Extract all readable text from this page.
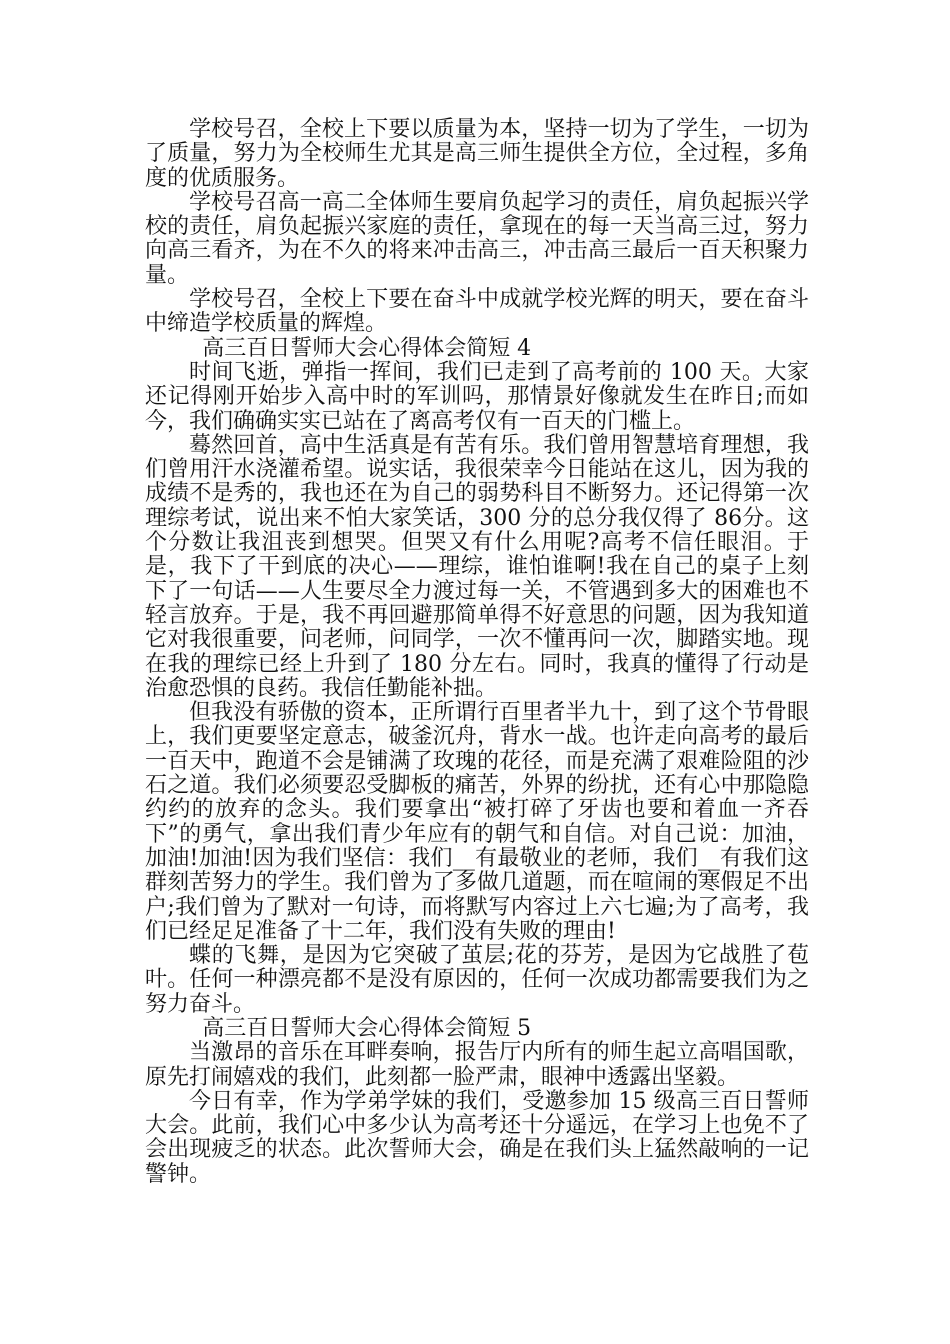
学校号召，全校上下要以质量为本，坚持一切为了学生，一切为了质量，努力为全校师生尤其是高三师生提供全方位，全过程，多角度的优质服务。

学校号召高一高二全体师生要肩负起学习的责任，肩负起振兴学校的责任，肩负起振兴家庭的责任，拿现在的每一天当高三过，努力向高三看齐，为在不久的将来冲击高三，冲击高三最后一百天积聚力量。

学校号召，全校上下要在奋斗中成就学校光辉的明天，要在奋斗中缔造学校质量的辉煌。

高三百日誓师大会心得体会简短 4

时间飞逝，弹指一挥间，我们已走到了高考前的 100 天。大家还记得刚开始步入高中时的军训吗，那情景好像就发生在昨日;而如今，我们确确实实已站在了离高考仅有一百天的门槛上。

蓦然回首，高中生活真是有苦有乐。我们曾用智慧培育理想，我们曾用汗水浇灌希望。说实话，我很荣幸今日能站在这儿，因为我的成绩不是秀的，我也还在为自己的弱势科目不断努力。还记得第一次理综考试，说出来不怕大家笑话，300 分的总分我仅得了 86分。这个分数让我沮丧到想哭。但哭又有什么用呢?高考不信任眼泪。于是，我下了干到底的决心——理综，谁怕谁啊!我在自己的桌子上刻下了一句话——人生要尽全力渡过每一关，不管遇到多大的困难也不轻言放弃。于是，我不再回避那简单得不好意思的问题，因为我知道它对我很重要，问老师，问同学，一次不懂再问一次，脚踏实地。现在我的理综已经上升到了 180 分左右。同时，我真的懂得了行动是治愈恐惧的良药。我信任勤能补拙。

但我没有骄傲的资本，正所谓行百里者半九十，到了这个节骨眼上，我们更要坚定意志，破釜沉舟，背水一战。也许走向高考的最后一百天中，跑道不会是铺满了玫瑰的花径，而是充满了艰难险阻的沙石之道。我们必须要忍受脚板的痛苦，外界的纷扰，还有心中那隐隐约约的放弃的念头。我们要拿出“被打碎了牙齿也要和着血一齐吞下”的勇气，拿出我们青少年应有的朝气和自信。对自己说：加油，加油!加油!因为我们坚信：我们__有最敬业的老师，我们__有我们这群刻苦努力的学生。我们曾为了多做几道题，而在喧闹的寒假足不出户;我们曾为了默对一句诗，而将默写内容过上六七遍;为了高考，我们已经足足准备了十二年，我们没有失败的理由!

蝶的飞舞，是因为它突破了茧层;花的芬芳，是因为它战胜了苞叶。任何一种漂亮都不是没有原因的，任何一次成功都需要我们为之努力奋斗。

高三百日誓师大会心得体会简短 5

当激昂的音乐在耳畔奏响，报告厅内所有的师生起立高唱国歌，原先打闹嬉戏的我们，此刻都一脸严肃，眼神中透露出坚毅。

今日有幸，作为学弟学妹的我们，受邀参加 15 级高三百日誓师大会。此前，我们心中多少认为高考还十分遥远，在学习上也免不了会出现疲乏的状态。此次誓师大会，确是在我们头上猛然敲响的一记警钟。
